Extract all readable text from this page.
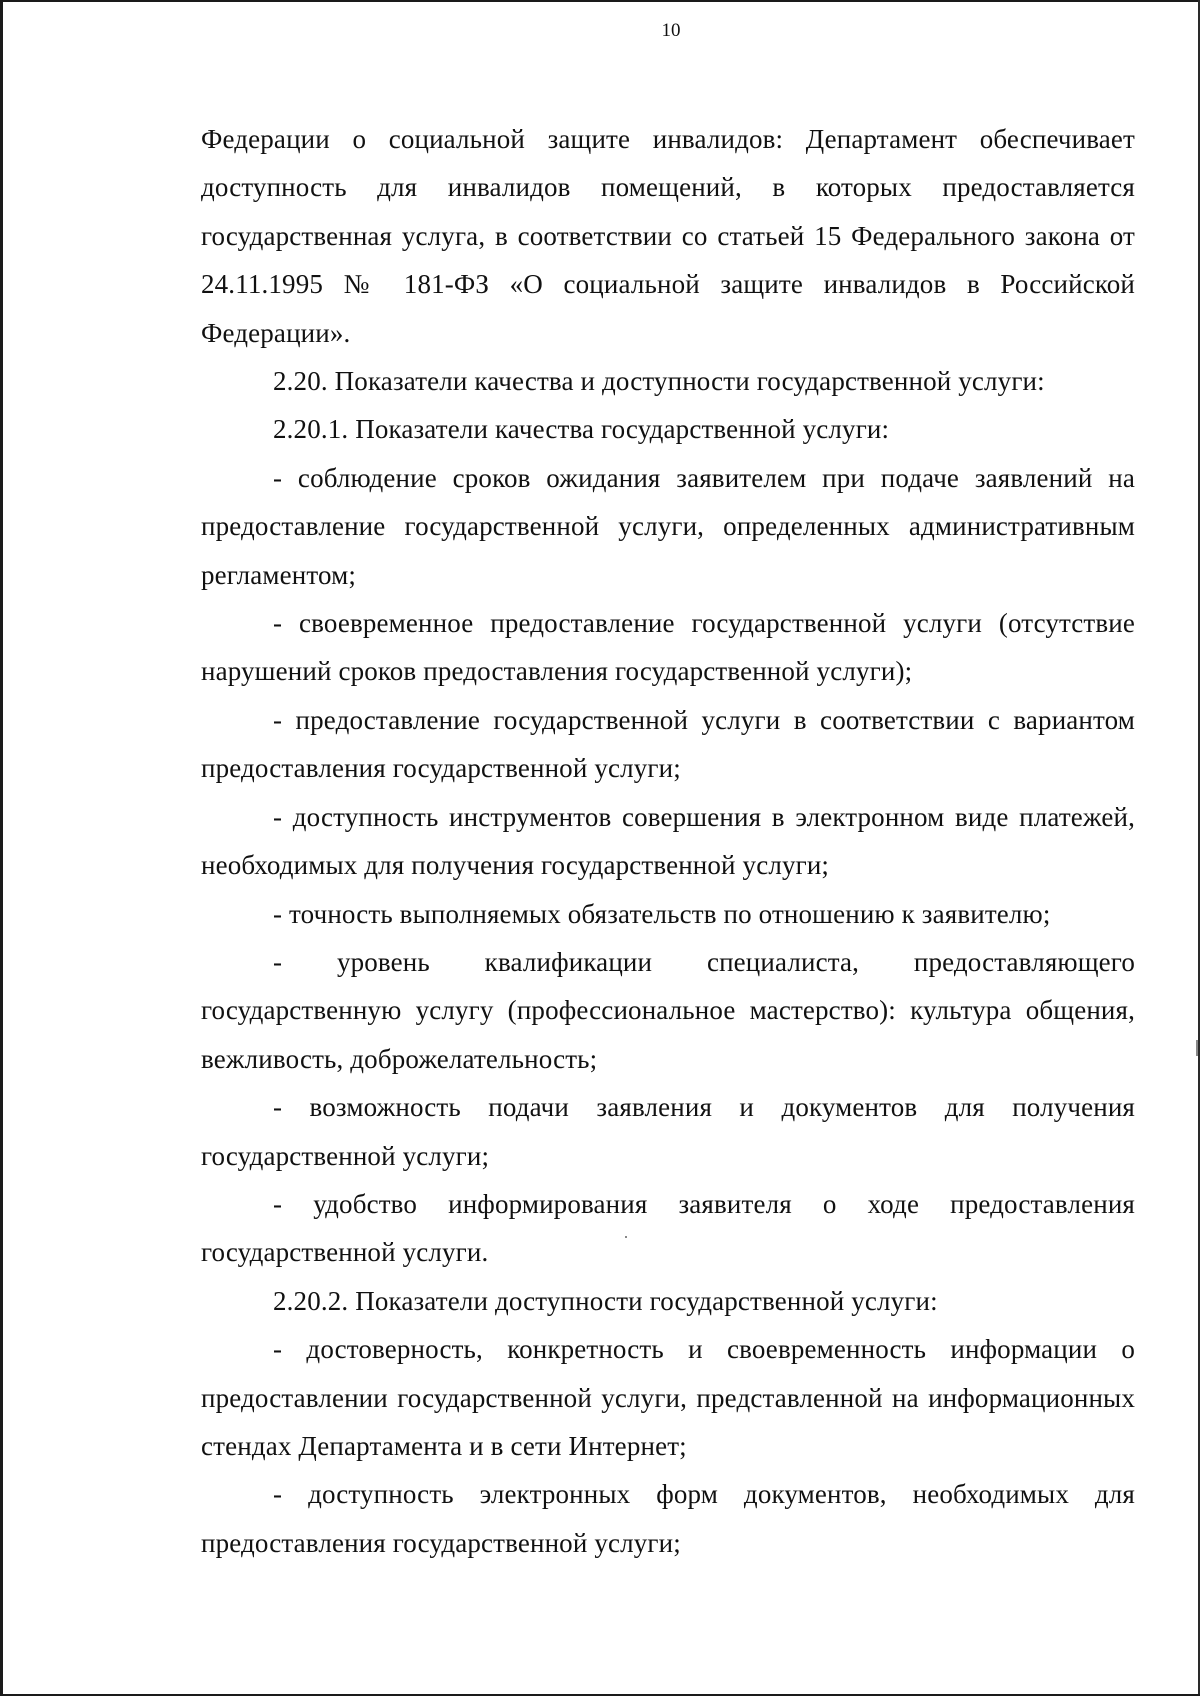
10

Федерации о социальной защите инвалидов: Департамент обеспечивает доступность для инвалидов помещений, в которых предоставляется государственная услуга, в соответствии со статьей 15 Федерального закона от 24.11.1995 № 181-ФЗ «О социальной защите инвалидов в Российской Федерации».

2.20. Показатели качества и доступности государственной услуги:

2.20.1. Показатели качества государственной услуги:

- соблюдение сроков ожидания заявителем при подаче заявлений на предоставление государственной услуги, определенных административным регламентом;

- своевременное предоставление государственной услуги (отсутствие нарушений сроков предоставления государственной услуги);

- предоставление государственной услуги в соответствии с вариантом предоставления государственной услуги;

- доступность инструментов совершения в электронном виде платежей, необходимых для получения государственной услуги;

- точность выполняемых обязательств по отношению к заявителю;

- уровень квалификации специалиста, предоставляющего государственную услугу (профессиональное мастерство): культура общения, вежливость, доброжелательность;

- возможность подачи заявления и документов для получения государственной услуги;

- удобство информирования заявителя о ходе предоставления государственной услуги.

2.20.2. Показатели доступности государственной услуги:

- достоверность, конкретность и своевременность информации о предоставлении государственной услуги, представленной на информационных стендах Департамента и в сети Интернет;

- доступность электронных форм документов, необходимых для предоставления государственной услуги;
